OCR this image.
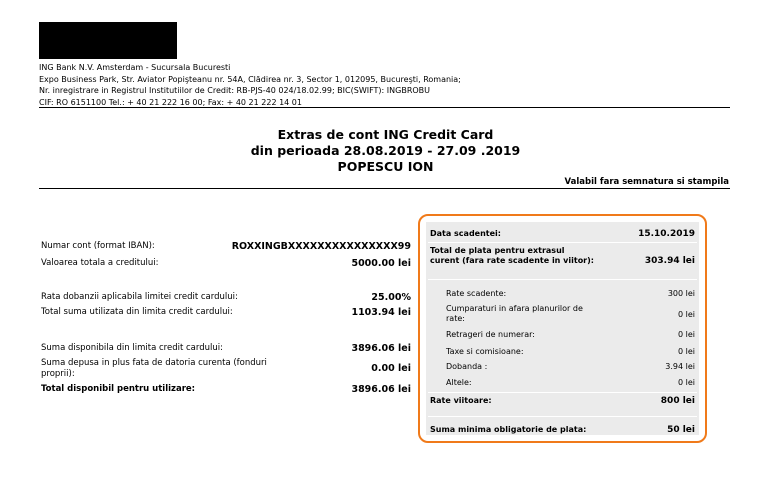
ING Bank N.V. Amsterdam - Sucursala Bucuresti
Expo Business Park, Str. Aviator Popişteanu nr. 54A, Clădirea nr. 3, Sector 1, 012095, Bucureşti, Romania;
Nr. inregistrare in Registrul Institutiilor de Credit: RB-PJS-40 024/18.02.99; BIC(SWIFT): INGBROBU
CIF: RO 6151100 Tel.: + 40 21 222 16 00; Fax: + 40 21 222 14 01
Extras de cont ING Credit Card
din perioada 28.08.2019 - 27.09 .2019
POPESCU ION
Valabil fara semnatura si stampila
Numar cont (format IBAN):	ROXXINGBXXXXXXXXXXXXXXX99
Valoarea totala a creditului:	5000.00 lei
Rata dobanzii aplicabila limitei credit cardului:	25.00%
Total suma utilizata din limita credit cardului:	1103.94 lei
Suma disponibila din limita credit cardului:	3896.06 lei
Suma depusa in plus fata de datoria curenta (fonduri proprii):	0.00 lei
Total disponibil pentru utilizare:	3896.06 lei
Data scadentei:	15.10.2019
Total de plata pentru extrasul curent (fara rate scadente in viitor):	303.94 lei
Rate scadente:	300 lei
Cumparaturi in afara planurilor de rate:	0 lei
Retrageri de numerar:	0 lei
Taxe si comisioane:	0 lei
Dobanda :	3.94 lei
Altele:	0 lei
Rate viitoare:	800 lei
Suma minima obligatorie de plata:	50 lei
